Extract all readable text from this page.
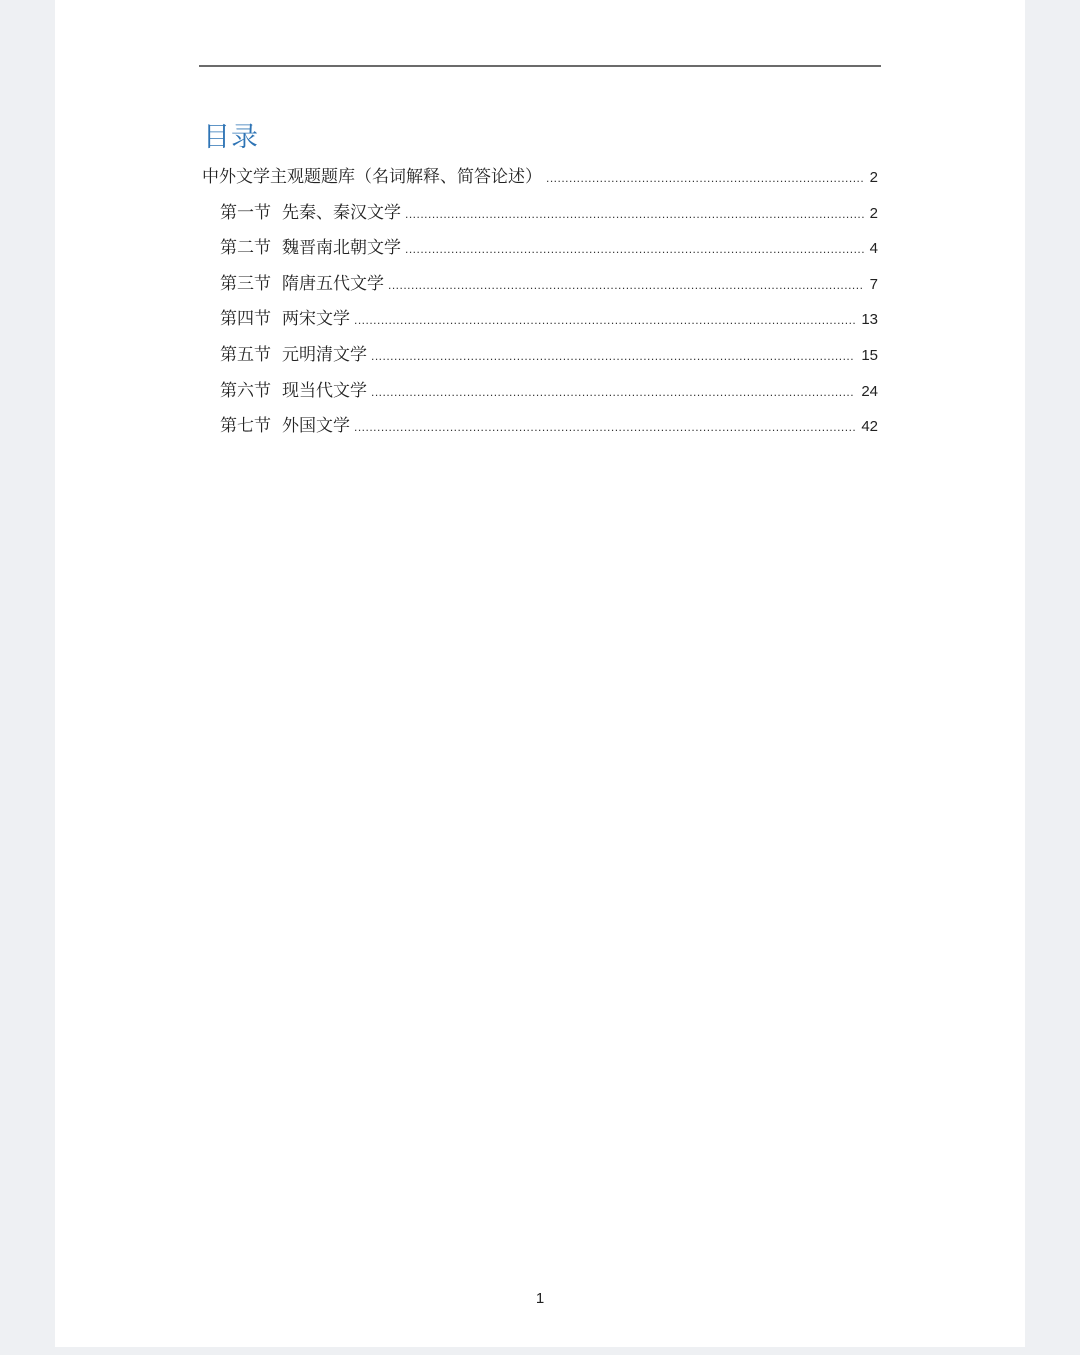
目录
中外文学主观题题库（名词解释、简答论述） .....	2
第一节 先秦、秦汉文学 .....	2
第二节 魏晋南北朝文学 .....	4
第三节 隋唐五代文学 .....	7
第四节 两宋文学 .....	13
第五节 元明清文学 .....	15
第六节 现当代文学 .....	24
第七节 外国文学 .....	42
1
